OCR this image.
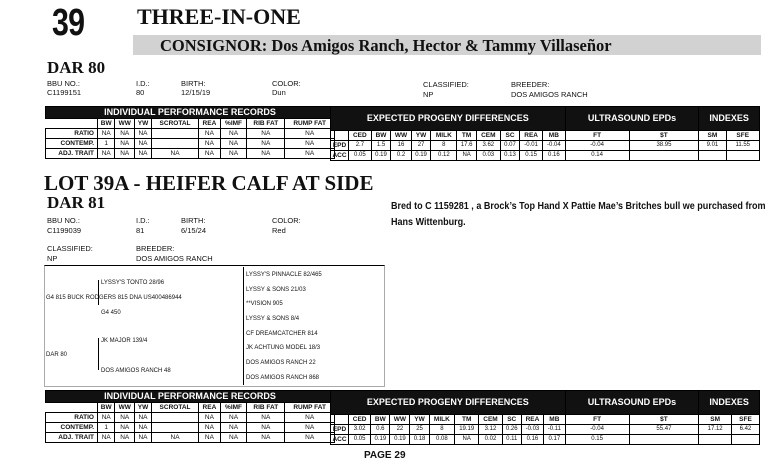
39 THREE-IN-ONE
CONSIGNOR: Dos Amigos Ranch, Hector & Tammy Villaseñor
DAR 80
BBU NO.:
C1199151
I.D.:
80
BIRTH:
12/15/19
COLOR:
Dun
CLASSIFIED:
NP
BREEDER:
DOS AMIGOS RANCH
INDIVIDUAL PERFORMANCE RECORDS								
	BW	WW	YW	SCROTAL	REA	%IMF	RIB FAT	RUMP FAT
RATIO	NA	NA	NA		NA	NA	NA	NA
CONTEMP.	1	NA	NA		NA	NA	NA	NA
ADJ. TRAIT	NA	NA	NA	NA	NA	NA	NA	NA
EXPECTED PROGENY DIFFERENCES											ULTRASOUND EPDs		INDEXES	
	CED	BW	WW	YW	MILK	TM	CEM	SC	REA	MB	FT	$T	SM	SFE
EPD	2.7	1.5	16	27	8	17.6	3.62	0.07	-0.01	-0.04	-0.04	38.95	9.01	11.55
ACC	0.05	0.19	0.2	0.19	0.12	NA	0.03	0.13	0.15	0.16	0.14			
LOT 39A - HEIFER CALF AT SIDE
DAR 81	Bred to C 1159281 , a Brock’s Top Hand X Pattie Mae’s Britches bull we purchased from Hans Wittenburg.
BBU NO.:
C1199039
I.D.:
81
BIRTH:
6/15/24
COLOR:
Red
CLASSIFIED:
NP
BREEDER:
DOS AMIGOS RANCH
LYSSY'S TONTO 28/96
G4 815 BUCK RODGERS 815 DNA US400486944
G4 450
JK MAJOR 139/4
DAR 80
DOS AMIGOS RANCH 48
LYSSY'S PINNACLE 82/465
LYSSY & SONS 21/03
**VISION 905
LYSSY & SONS 8/4
CF DREAMCATCHER 814
JK ACHTUNG MODEL 18/3
DOS AMIGOS RANCH 22
DOS AMIGOS RANCH 868
INDIVIDUAL PERFORMANCE RECORDS								
	BW	WW	YW	SCROTAL	REA	%IMF	RIB FAT	RUMP FAT
RATIO	NA	NA	NA		NA	NA	NA	NA
CONTEMP.	1	NA	NA		NA	NA	NA	NA
ADJ. TRAIT	NA	NA	NA	NA	NA	NA	NA	NA
EXPECTED PROGENY DIFFERENCES											ULTRASOUND EPDs		INDEXES	
	CED	BW	WW	YW	MILK	TM	CEM	SC	REA	MB	FT	$T	SM	SFE
EPD	3.02	0.6	22	25	8	19.19	3.12	0.26	-0.03	-0.11	-0.04	55.47	17.12	6.42
ACC	0.05	0.19	0.19	0.18	0.08	NA	0.02	0.11	0.16	0.17	0.15			
PAGE 29
